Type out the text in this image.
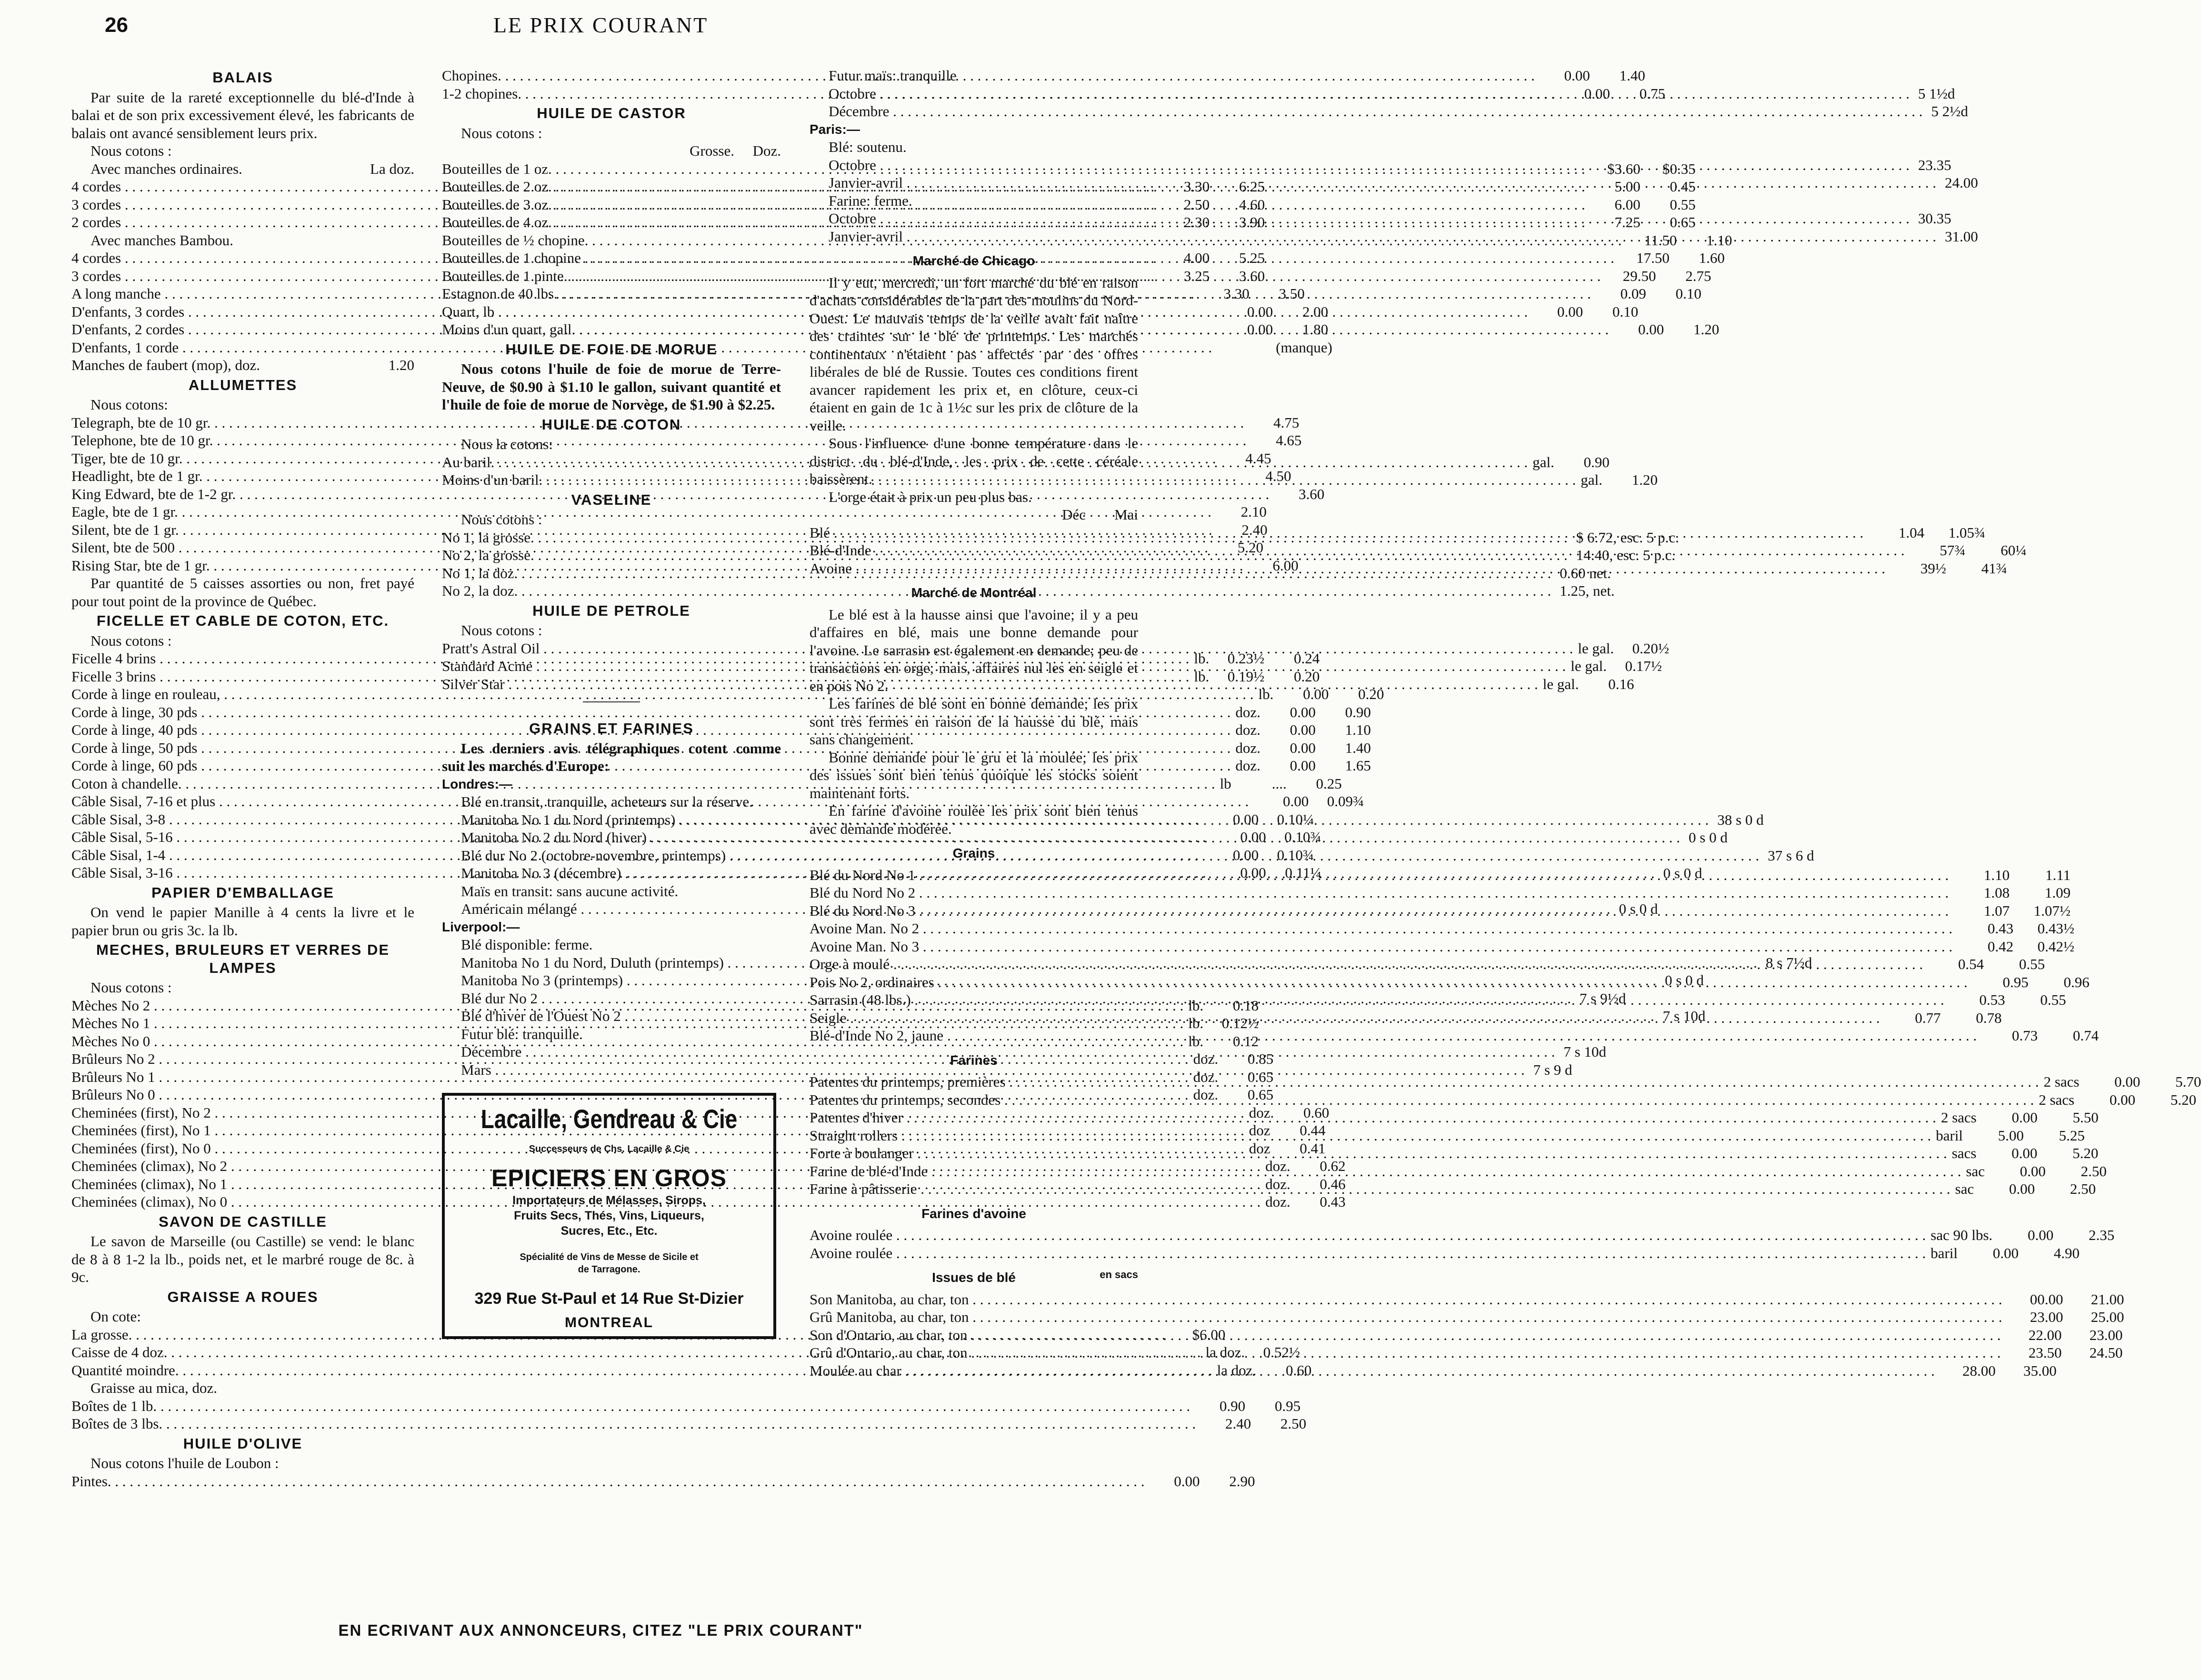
26	LE PRIX COURANT
BALAIS
Par suite de la rareté exceptionnelle du blé-d'Inde à balai et de son prix excessivement élevé, les fabricants de balais ont avancé sensiblement leurs prix.
Nous cotons :
Avec manches ordinaires.	La doz.
4 cordes . . .	3.30	6.25
3 cordes . . .	2.50	4.60
2 cordes . . .	2.30	3.90
Avec manches Bambou.
4 cordes . . .	4.00	5.25
3 cordes . . .	3.25	3.60
A long manche . . .	3.30	3.50
D'enfants, 3 cordes . . .	0.00	2.00
D'enfants, 2 cordes . . .	0.00	1.80
D'enfants, 1 corde . . .	(manque)
Manches de faubert (mop), doz.	1.20
ALLUMETTES
Nous cotons:
Telegraph, bte de 10 gr. . . .	4.75
Telephone, bte de 10 gr. . . .	4.65
Tiger, bte de 10 gr. . . .	4.45
Headlight, bte de 1 gr. . . .	4.50
King Edward, bte de 1-2 gr. . . .	3.60
Eagle, bte de 1 gr. . . .	2.10
Silent, bte de 1 gr. . . .	2.40
Silent, bte de 500 . . .	5.20
Rising Star, bte de 1 gr. . . .	6.00
Par quantité de 5 caisses assorties ou non, fret payé pour tout point de la province de Québec.
FICELLE ET CABLE DE COTON, ETC.
Nous cotons :
Ficelle 4 brins . . .	lb.	0.23½	0.24
Ficelle 3 brins . . .	lb.	0.19½	0.20
Corde à linge en rouleau, . . .	lb.	0.00	0.20
Corde à linge, 30 pds . . .	doz.	0.00	0.90
Corde à linge, 40 pds . . .	doz.	0.00	1.10
Corde à linge, 50 pds . . .	doz.	0.00	1.40
Corde à linge, 60 pds . . .	doz.	0.00	1.65
Coton à chandelle. . . .	lb	....	0.25
Câble Sisal, 7-16 et plus . . .	0.00	0.09¾
Câble Sisal, 3-8 . . .	0.00	0.10¼
Câble Sisal, 5-16 . . .	0.00	0.10¾
Câble Sisal, 1-4 . . .	0.00	0.10¾
Câble Sisal, 3-16 . . .	0.00	0.11¼
PAPIER D'EMBALLAGE
On vend le papier Manille à 4 cents la livre et le papier brun ou gris 3c. la lb.
MECHES, BRULEURS ET VERRES DE LAMPES
Nous cotons :
Mèches No 2 . . .	lb.	0.18
Mèches No 1 . . .	lb.	0.12½
Mèches No 0 . . .	lb.	0.12
Brûleurs No 2 . . .	doz.	0.85
Brûleurs No 1 . . .	doz.	0.65
Brûleurs No 0 . . .	doz.	0.65
Cheminées (first), No 2 . . .	doz.	0.60
Cheminées (first), No 1 . . .	doz	0.44
Cheminées (first), No 0 . . .	doz	0.41
Cheminées (climax), No 2 . . .	doz.	0.62
Cheminées (climax), No 1 . . .	doz.	0.46
Cheminées (climax), No 0 . . .	doz.	0.43
SAVON DE CASTILLE
Le savon de Marseille (ou Castille) se vend: le blanc de 8 à 8 1-2 la lb., poids net, et le marbré rouge de 8c. à 9c.
GRAISSE A ROUES
On cote:
La grosse. . . .	$6.00
Caisse de 4 doz. . . .	la doz.	0.52½
Quantité moindre. . . .	la doz.	0.60
Graisse au mica, doz.
Boîtes de 1 lb. . . .	0.90	0.95
Boîtes de 3 lbs. . . .	2.40	2.50
HUILE D'OLIVE
Nous cotons l'huile de Loubon :
Pintes. . . .	0.00	2.90
Chopines. . . .	0.00	1.40
1-2 chopines. . . .	0.00	0.75
HUILE DE CASTOR
Nous cotons :
Grosse.	Doz.
Bouteilles de 1 oz. . . .	$3.60	$0.35
Bouteilles de 2 oz. . . .	5.00	0.45
Bouteilles de 3 oz. . . .	6.00	0.55
Bouteilles de 4 oz. . . .	7.25	0.65
Bouteilles de ½ chopine. . . .	11.50	1.10
Bouteilles de 1 chopine . . .	17.50	1.60
Bouteilles de 1 pinte. . . .	29.50	2.75
Estagnon de 40 lbs. . . .	0.09	0.10
Quart, lb . . .	0.00	0.10
Moins d'un quart, gall. . . .	0.00	1.20
HUILE DE FOIE DE MORUE
Nous cotons l'huile de foie de morue de Terre-Neuve, de $0.90 à $1.10 le gallon, suivant quantité et l'huile de foie de morue de Norvège, de $1.90 à $2.25.
HUILE DE COTON
Nous la cotons:
Au baril. . . .	gal.	0.90
Moins d'un baril. . . .	gal.	1.20
VASELINE
Nous cotons :
No 1, la grosse. . . .	$ 6.72, esc. 5 p.c.
No 2, la grosse. . . .	14.40, esc. 5 p.c.
No 1, la doz. . . .	0.60 net.
No 2, la doz. . . .	1.25, net.
HUILE DE PETROLE
Nous cotons :
Pratt's Astral Oil . . .	le gal.	0.20½
Standard Acme . . .	le gal.	0.17½
Silver Star . . .	le gal.	0.16
GRAINS ET FARINES
Les derniers avis télégraphiques cotent comme suit les marchés d'Europe:
Londres:—
Blé en transit, tranquille, acheteurs sur la réserve.
Manitoba No 1 du Nord (printemps) . . .	38 s 0 d
Manitoba No 2 du Nord (hiver) . . .	0 s 0 d
Blé dur No 2 (octobre-novembre, printemps) . . .	37 s 6 d
Manitoba No 3 (décembre) . . .	0 s 0 d
Maïs en transit: sans aucune activité.
Américain mélangé . . .	0 s 0 d
Liverpool:—
Blé disponible: ferme.
Manitoba No 1 du Nord, Duluth (printemps) . . .	8 s 7½d
Manitoba No 3 (printemps) . . .	0 s 0 d
Blé dur No 2 . . .	7 s 9½d
Blé d'hiver de l'Ouest No 2 . . .	7 s 10d
Futur blé: tranquille.
Décembre . . .	7 s 10d
Mars . . .	7 s 9 d
Lacaille, Gendreau & Cie
Successeurs de Chs. Lacaille & Cie
EPICIERS EN GROS
Importateurs de Mélasses, Sirops,
Fruits Secs, Thés, Vins, Liqueurs,
Sucres, Etc., Etc.
Spécialité de Vins de Messe de Sicile et
de Tarragone.
329 Rue St-Paul et 14 Rue St-Dizier
MONTREAL
Futur maïs: tranquille
Octobre . . .	5 1½d
Décembre . . .	5 2½d
Paris:—
Blé: soutenu.
Octobre . . .	23.35
Janvier-avril . . .	24.00
Farine: ferme.
Octobre . . .	30.35
Janvier-avril . . .	31.00
Marché de Chicago
Il y eut, mercredi, un fort marché du blé en raison d'achats considérables de la part des moulins du Nord-Ouest. Le mauvais temps de la veille avait fait naître des craintes sur le blé de printemps. Les marchés continentaux n'étaient pas affectés par des offres libérales de blé de Russie. Toutes ces conditions firent avancer rapidement les prix et, en clôture, ceux-ci étaient en gain de 1c à 1½c sur les prix de clôture de la veille.
Sous l'influence d'une bonne température dans le district du blé-d'Inde, les prix de cette céréale baissèrent.
L'orge était à prix un peu plus bas.
Déc	Mai
Blé . . .	1.04	1.05¾
Blé-d'Inde . . .	57¾	60¼
Avoine . . .	39½	41¾
Marché de Montréal
Le blé est à la hausse ainsi que l'avoine; il y a peu d'affaires en blé, mais une bonne demande pour l'avoine. Le sarrasin est également en demande; peu de transactions en orge; mais, affaires nul les en seigle et en pois No 2.
Les farines de blé sont en bonne demande; les prix sont très fermes en raison de la hausse du blé, mais sans changement.
Bonne demande pour le gru et la moulée; les prix des issues sont bien tenus quoique les stocks soient maintenant forts.
En farine d'avoine roulée les prix sont bien tenus avec demande modérée.
Grains
Blé du Nord No 1 . . .	1.10	1.11
Blé du Nord No 2 . . .	1.08	1.09
Blé du Nord No 3 . . .	1.07	1.07½
Avoine Man. No 2 . . .	0.43	0.43½
Avoine Man. No 3 . . .	0.42	0.42½
Orge à moulé . . .	0.54	0.55
Pois No 2, ordinaires . . .	0.95	0.96
Sarrasin (48 lbs.) . . .	0.53	0.55
Seigle . . .	0.77	0.78
Blé-d'Inde No 2, jaune . . .	0.73	0.74
Farines
Patentes du printemps, premières . . .	2 sacs	0.00	5.70
Patentes du printemps, secondes . . .	2 sacs	0.00	5.20
Patentes d'hiver . . .	2 sacs	0.00	5.50
Straight rollers . . .	baril	5.00	5.25
Forte à boulanger . . .	sacs	0.00	5.20
Farine de blé-d'Inde . . .	sac	0.00	2.50
Farine à pâtisserie . . .	sac	0.00	2.50
Farines d'avoine
Avoine roulée . . .	sac 90 lbs.	0.00	2.35
Avoine roulée . . .	baril	0.00	4.90
Issues de blé	en sacs
Son Manitoba, au char, ton . . .	00.00	21.00
Grû Manitoba, au char, ton . . .	23.00	25.00
Son d'Ontario, au char, ton . . .	22.00	23.00
Grû d'Ontario, au char, ton . . .	23.50	24.50
Moulée au char . . .	28.00	35.00
EN ECRIVANT AUX ANNONCEURS, CITEZ "LE PRIX COURANT"
